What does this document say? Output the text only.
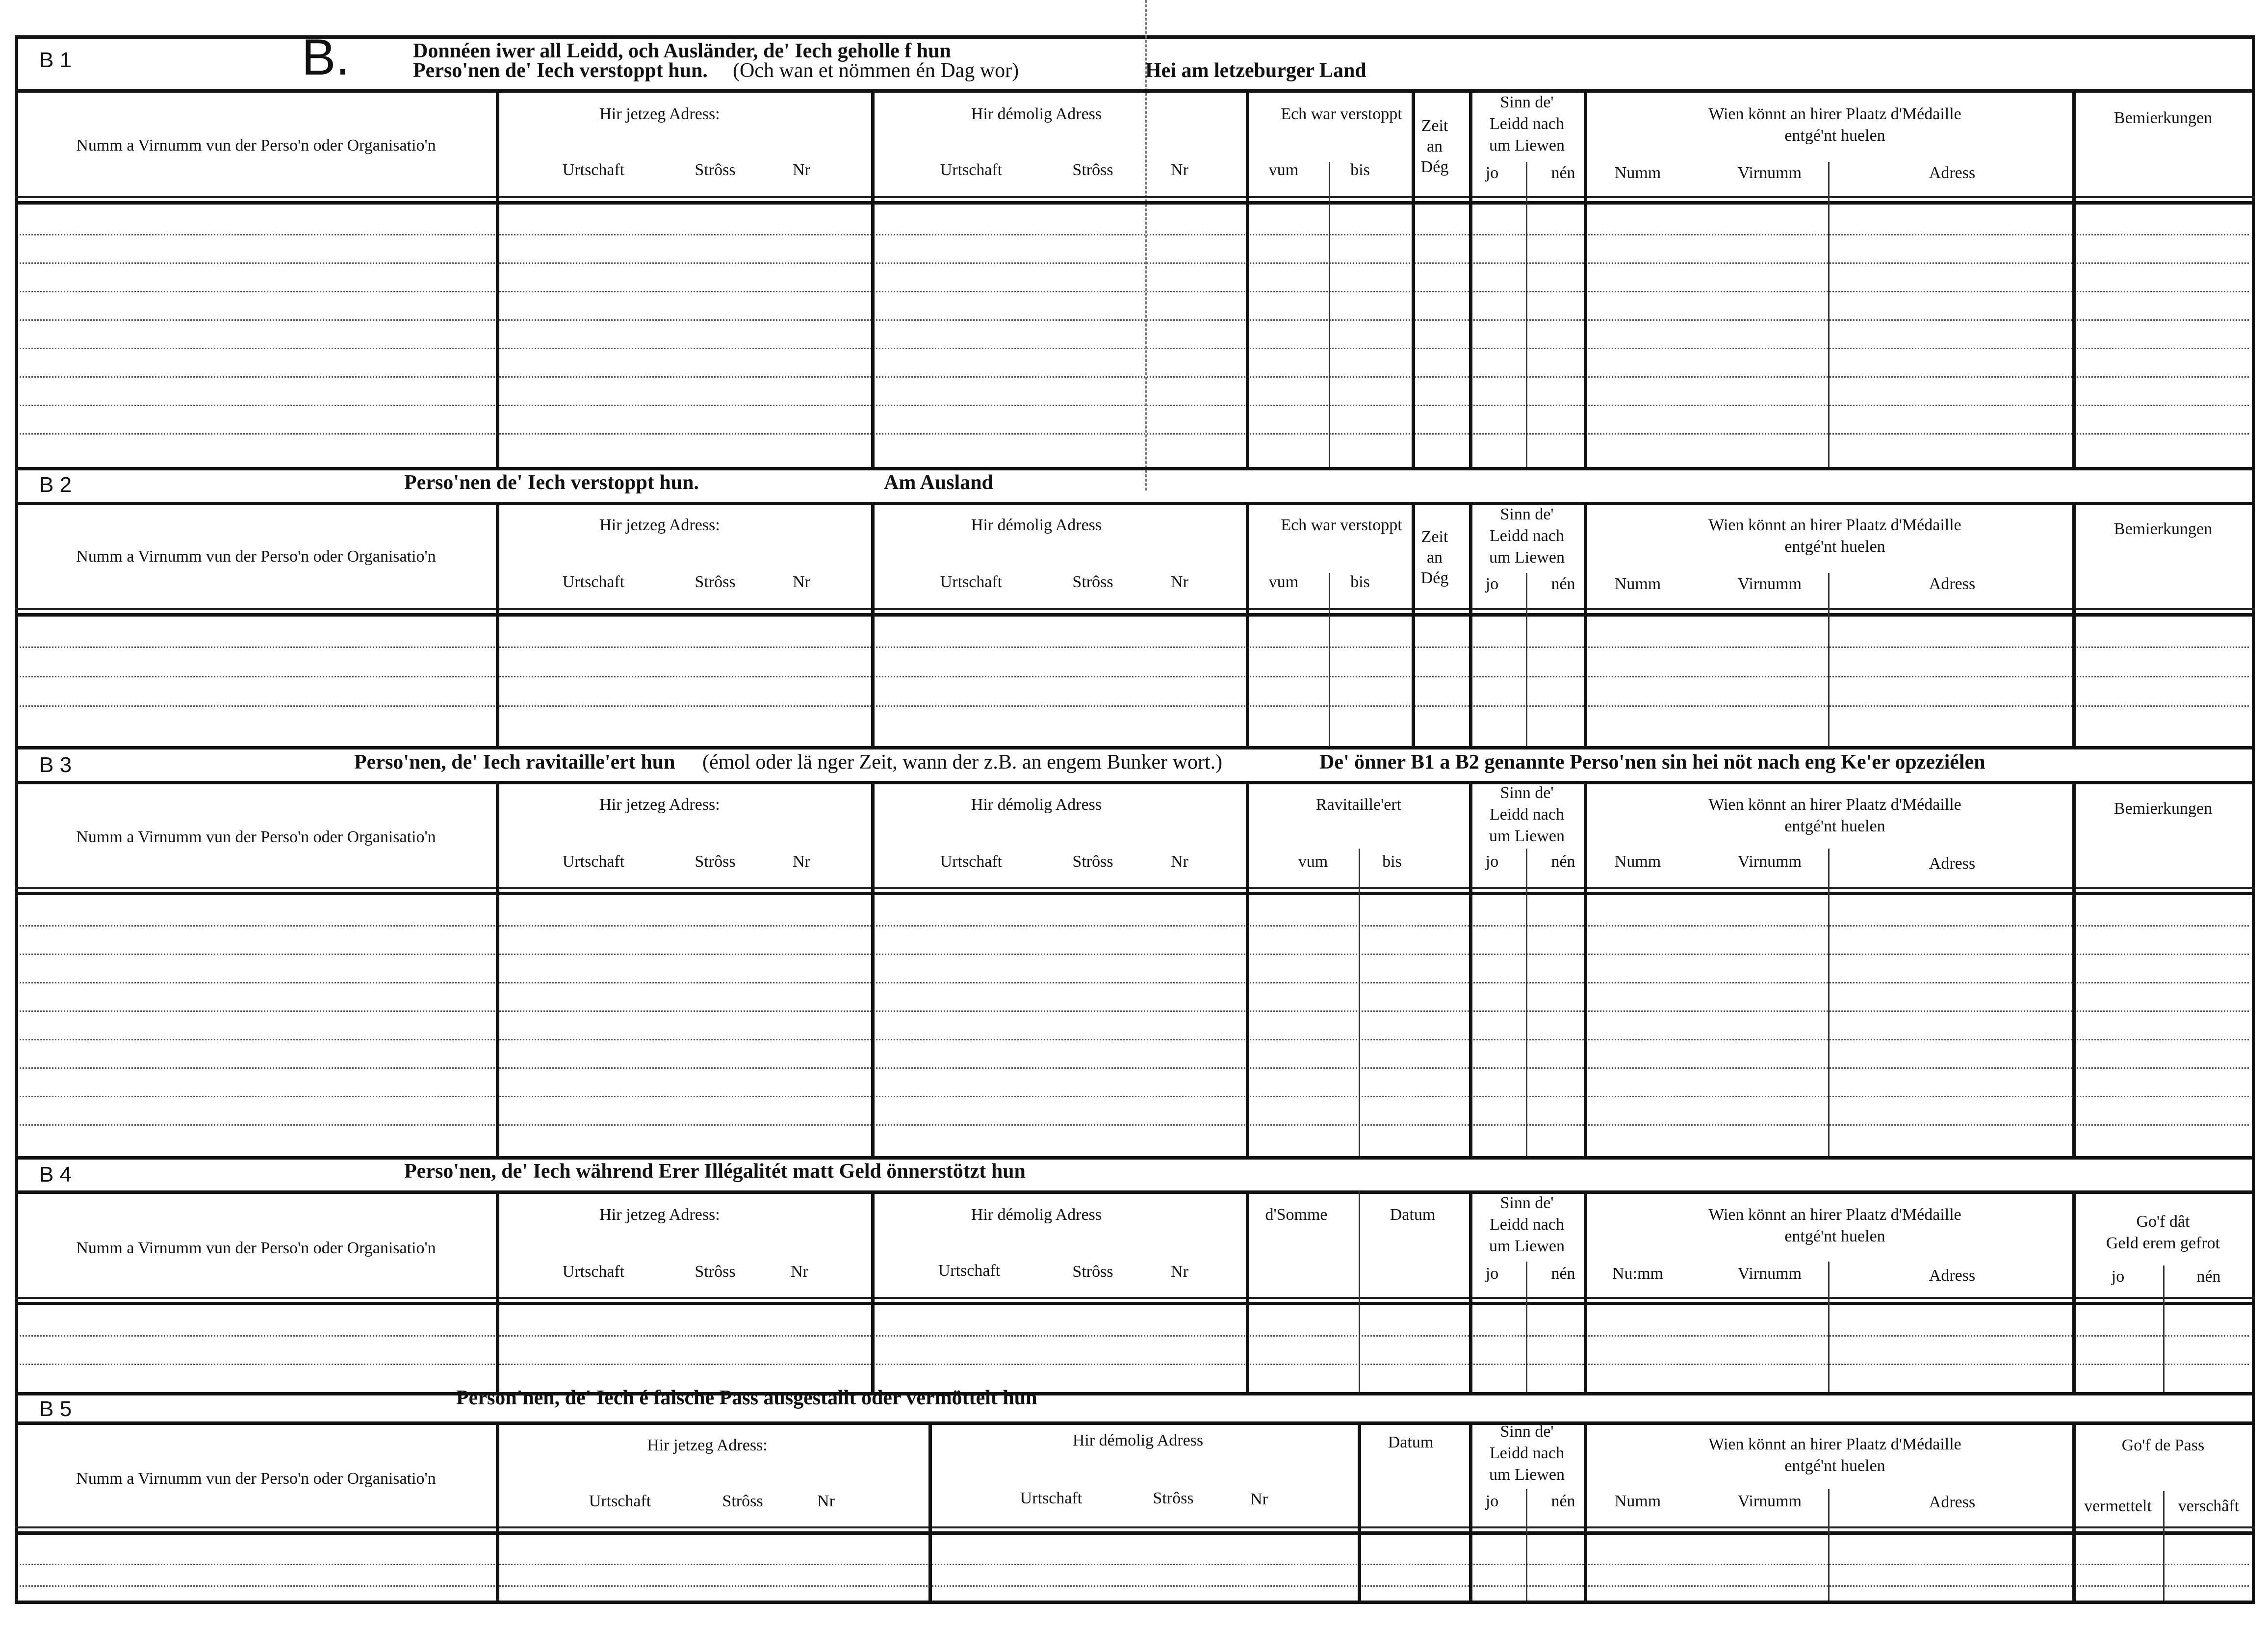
B 1	B.	Donnéen iwer all Leidd, och Ausländer, de' Iech geholle f hun
Perso'nen de' Iech verstoppt hun. (Och wan et nömmen én Dag wor)	Hei am letzeburger Land
Numm a Virnumm vun der Perso'n oder Organisatio'n
Hir jetzeg Adress:
Urtschaft	Strôss	Nr
Hir démolig Adress
Urtschaft	Strôss	Nr
Ech war verstoppt
vum	bis
Zeit
an
Dég
Sinn de'
Leidd nach
um Liewen
jo	nén
Wien könnt an hirer Plaatz d'Médaille
entgé'nt huelen
Numm	Virnumm	Adress
Bemierkungen
B 2	Perso'nen de' Iech verstoppt hun.	Am Ausland
Numm a Virnumm vun der Perso'n oder Organisatio'n
Hir jetzeg Adress:
Urtschaft	Strôss	Nr
Hir démolig Adress
Urtschaft	Strôss	Nr
Ech war verstoppt
vum	bis
Zeit
an
Dég
Sinn de'
Leidd nach
um Liewen
jo	nén
Wien könnt an hirer Plaatz d'Médaille
entgé'nt huelen
Numm	Virnumm	Adress
Bemierkungen
B 3	Perso'nen, de' Iech ravitaille'ert hun (émol oder lä nger Zeit, wann der z.B. an engem Bunker wort.)	De' önner B1 a B2 genannte Perso'nen sin hei nöt nach eng Ke'er opzeziélen
Numm a Virnumm vun der Perso'n oder Organisatio'n
Hir jetzeg Adress:
Urtschaft	Strôss	Nr
Hir démolig Adress
Urtschaft	Strôss	Nr
Ravitaille'ert
vum	bis
Sinn de'
Leidd nach
um Liewen
jo	nén
Wien könnt an hirer Plaatz d'Médaille
entgé'nt huelen
Numm	Virnumm	Adress
Bemierkungen
B 4	Perso'nen, de' Iech während Erer Illégalitét matt Geld önnerstötzt hun
Numm a Virnumm vun der Perso'n oder Organisatio'n
Hir jetzeg Adress:
Urtschaft	Strôss	Nr
Hir démolig Adress
Urtschaft	Strôss	Nr
d'Somme	Datum
Sinn de'
Leidd nach
um Liewen
jo	nén
Wien könnt an hirer Plaatz d'Médaille
entgé'nt huelen
Nu:mm	Virnumm	Adress
Go'f dât
Geld erem gefrot
jo	nén
B 5	Person'nen, de' Iech é falsche Pass ausgestallt oder vermöttelt hun
Numm a Virnumm vun der Perso'n oder Organisatio'n
Hir jetzeg Adress:
Urtschaft	Strôss	Nr
Hir démolig Adress
Urtschaft	Strôss	Nr
Datum
Sinn de'
Leidd nach
um Liewen
jo	nén
Wien könnt an hirer Plaatz d'Médaille
entgé'nt huelen
Numm	Virnumm	Adress
Go'f de Pass
vermettelt verschâft
